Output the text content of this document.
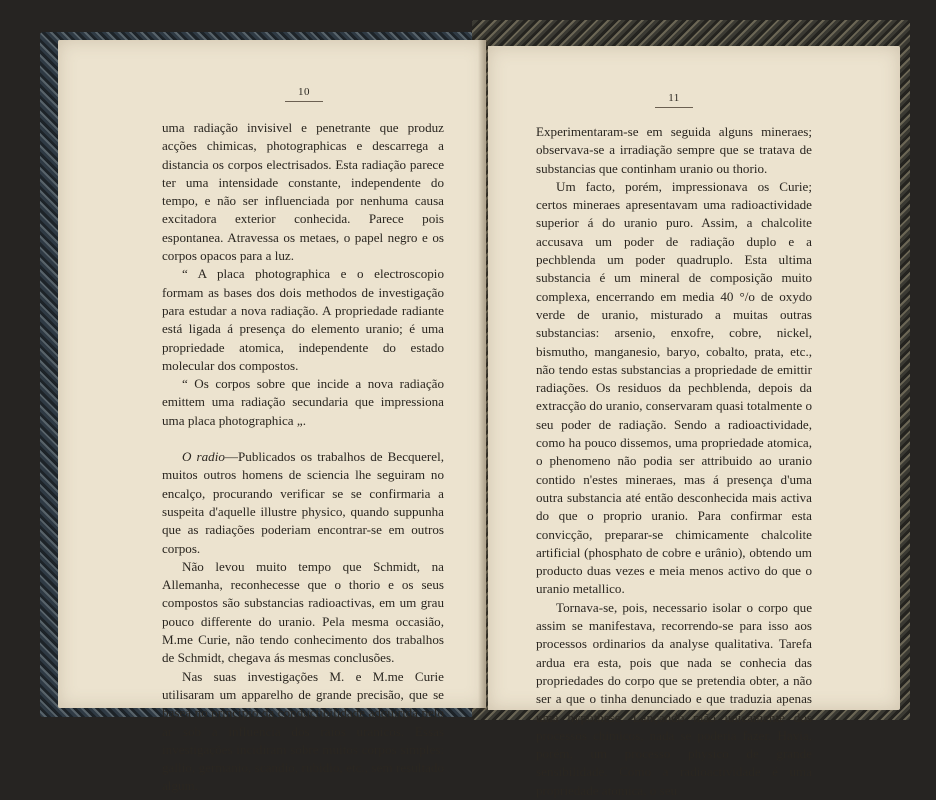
10

uma radiação invisivel e penetrante que produz acções chimicas, photographicas e descarrega a distancia os corpos electrisados. Esta radiação parece ter uma intensidade constante, independente do tempo, e não ser influenciada por nenhuma causa excitadora exterior conhecida. Parece pois espontanea. Atravessa os metaes, o papel negro e os corpos opacos para a luz.

“ A placa photographica e o electroscopio formam as bases dos dois methodos de investigação para estudar a nova radiação. A propriedade radiante está ligada á presença do elemento uranio; é uma propriedade atomica, independente do estado molecular dos compostos.

“ Os corpos sobre que incide a nova radiação emittem uma radiação secundaria que impressiona uma placa photographica „.

O radio—Publicados os trabalhos de Becquerel, muitos outros homens de sciencia lhe seguiram no encalço, procurando verificar se se confirmaria a suspeita d'aquelle illustre physico, quando suppunha que as radiações poderiam encontrar-se em outros corpos.

Não levou muito tempo que Schmidt, na Allemanha, reconhecesse que o thorio e os seus compostos são substancias radioactivas, em um grau pouco differente do uranio. Pela mesma occasião, M.me Curie, não tendo conhecimento dos trabalhos de Schmidt, chegava ás mesmas conclusões.

Nas suas investigações M. e M.me Curie utilisaram um apparelho de grande precisão, que se basea no principio da conductibilidade adquirida pelo ar sob a influencia dos raios uranicos. Essas investigações incidiram sobre muitos corpos simples: gallio, germanio, scandio, rubidio, etc., sem resultado algum.

11

Experimentaram-se em seguida alguns mineraes; observava-se a irradiação sempre que se tratava de substancias que continham uranio ou thorio.

Um facto, porém, impressionava os Curie; certos mineraes apresentavam uma radioactividade superior á do uranio puro. Assim, a chalcolite accusava um poder de radiação duplo e a pechblenda um poder quadruplo. Esta ultima substancia é um mineral de composição muito complexa, encerrando em media 40 °/o de oxydo verde de uranio, misturado a muitas outras substancias: arsenio, enxofre, cobre, nickel, bismutho, manganesio, baryo, cobalto, prata, etc., não tendo estas substancias a propriedade de emittir radiações. Os residuos da pechblenda, depois da extracção do uranio, conservaram quasi totalmente o seu poder de radiação. Sendo a radioactividade, como ha pouco dissemos, uma propriedade atomica, o phenomeno não podia ser attribuido ao uranio contido n'estes mineraes, mas á presença d'uma outra substancia até então desconhecida mais activa do que o proprio uranio. Para confirmar esta convicção, preparar-se chimicamente chalcolite artificial (phosphato de cobre e urânio), obtendo um producto duas vezes e meia menos activo do que o uranio metallico.

Tornava-se, pois, necessario isolar o corpo que assim se manifestava, recorrendo-se para isso aos processos ordinarios da analyse qualitativa. Tarefa ardua era esta, pois que nada se conhecia das propriedades do corpo que se pretendia obter, a não ser a que o tinha denunciado e que traduzia apenas uma hypothese. Lançando mão unicamente dos processos chimicos, nada se poderia fazer. Havia, porém, um processo physico de grande sensibilidade. Como a radioactividade é uma propriedade atomica, o seu
